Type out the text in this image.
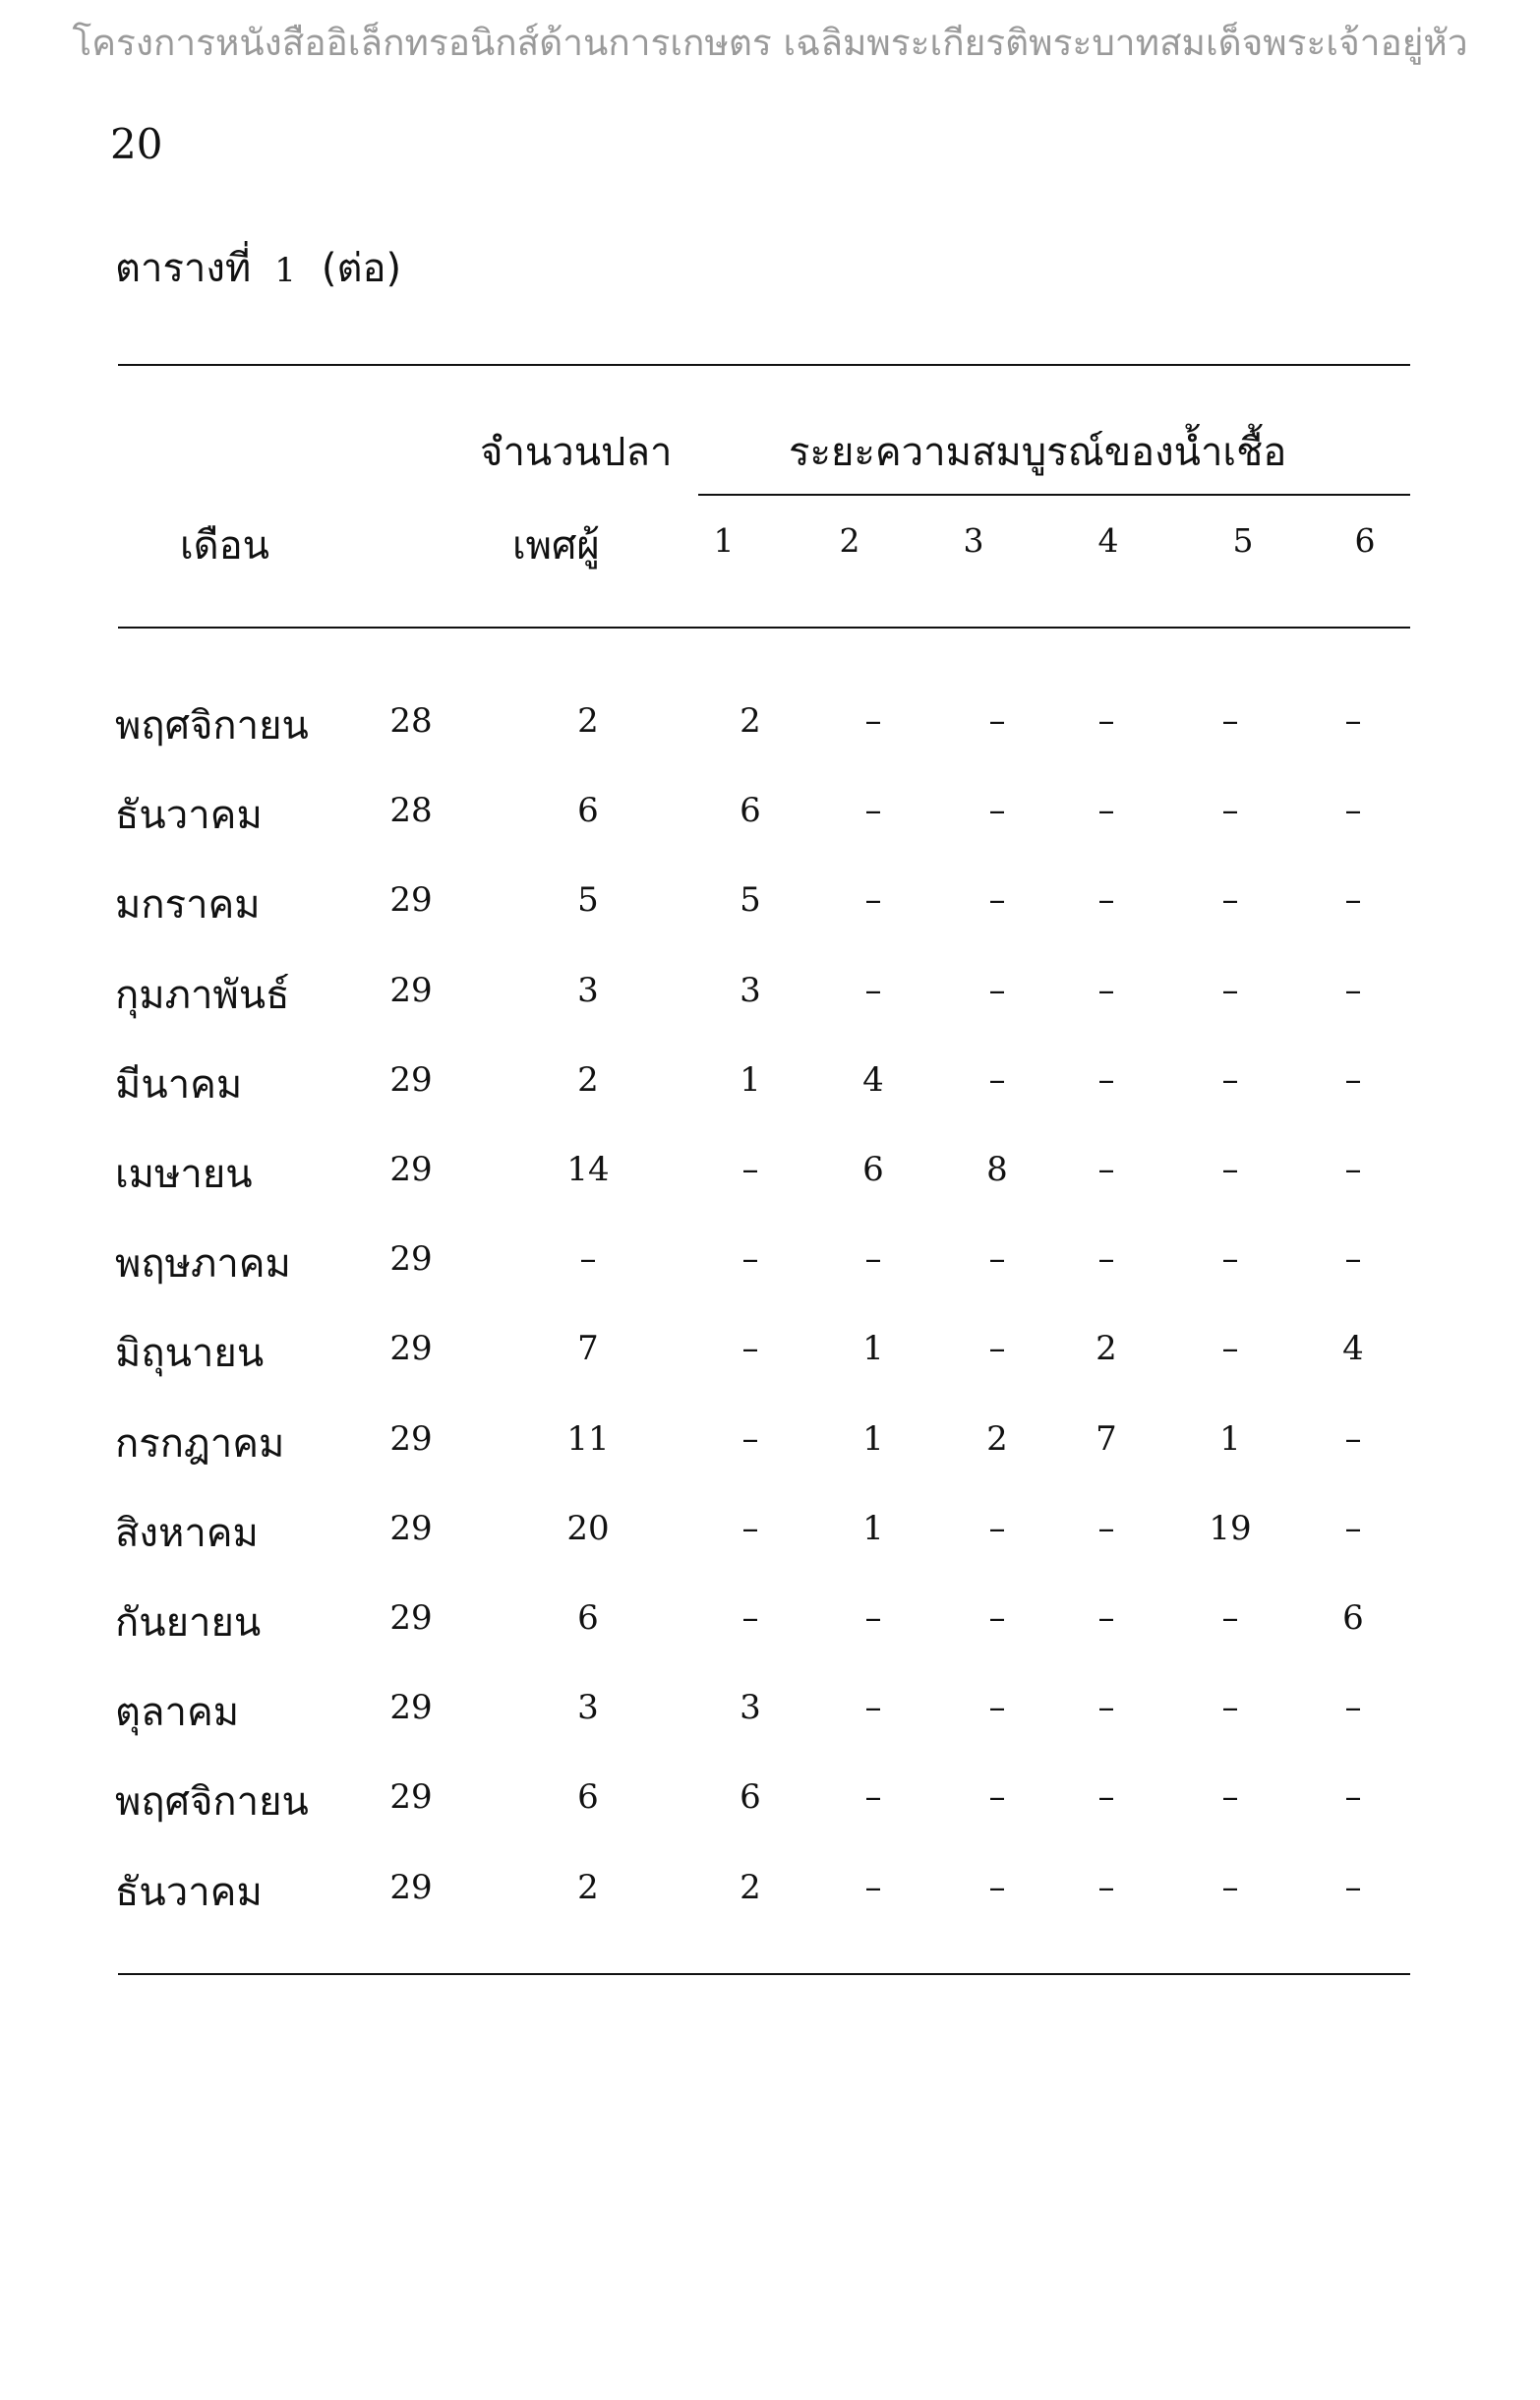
โครงการหนังสืออิเล็กทรอนิกส์ด้านการเกษตร เฉลิมพระเกียรติพระบาทสมเด็จพระเจ้าอยู่หัว
20
ตารางที่ 1 (ต่อ)
จำนวนปลา	ระยะความสมบูรณ์ของน้ำเชื้อ
เดือน	เพศผู้	1	2	3	4	5	6
พฤศจิกายน	28	2	2	–	–	–	–	–
ธันวาคม	28	6	6	–	–	–	–	–
มกราคม	29	5	5	–	–	–	–	–
กุมภาพันธ์	29	3	3	–	–	–	–	–
มีนาคม	29	2	1	4	–	–	–	–
เมษายน	29	14	–	6	8	–	–	–
พฤษภาคม	29	–	–	–	–	–	–	–
มิถุนายน	29	7	–	1	–	2	–	4
กรกฎาคม	29	11	–	1	2	7	1	–
สิงหาคม	29	20	–	1	–	–	19	–
กันยายน	29	6	–	–	–	–	–	6
ตุลาคม	29	3	3	–	–	–	–	–
พฤศจิกายน	29	6	6	–	–	–	–	–
ธันวาคม	29	2	2	–	–	–	–	–
